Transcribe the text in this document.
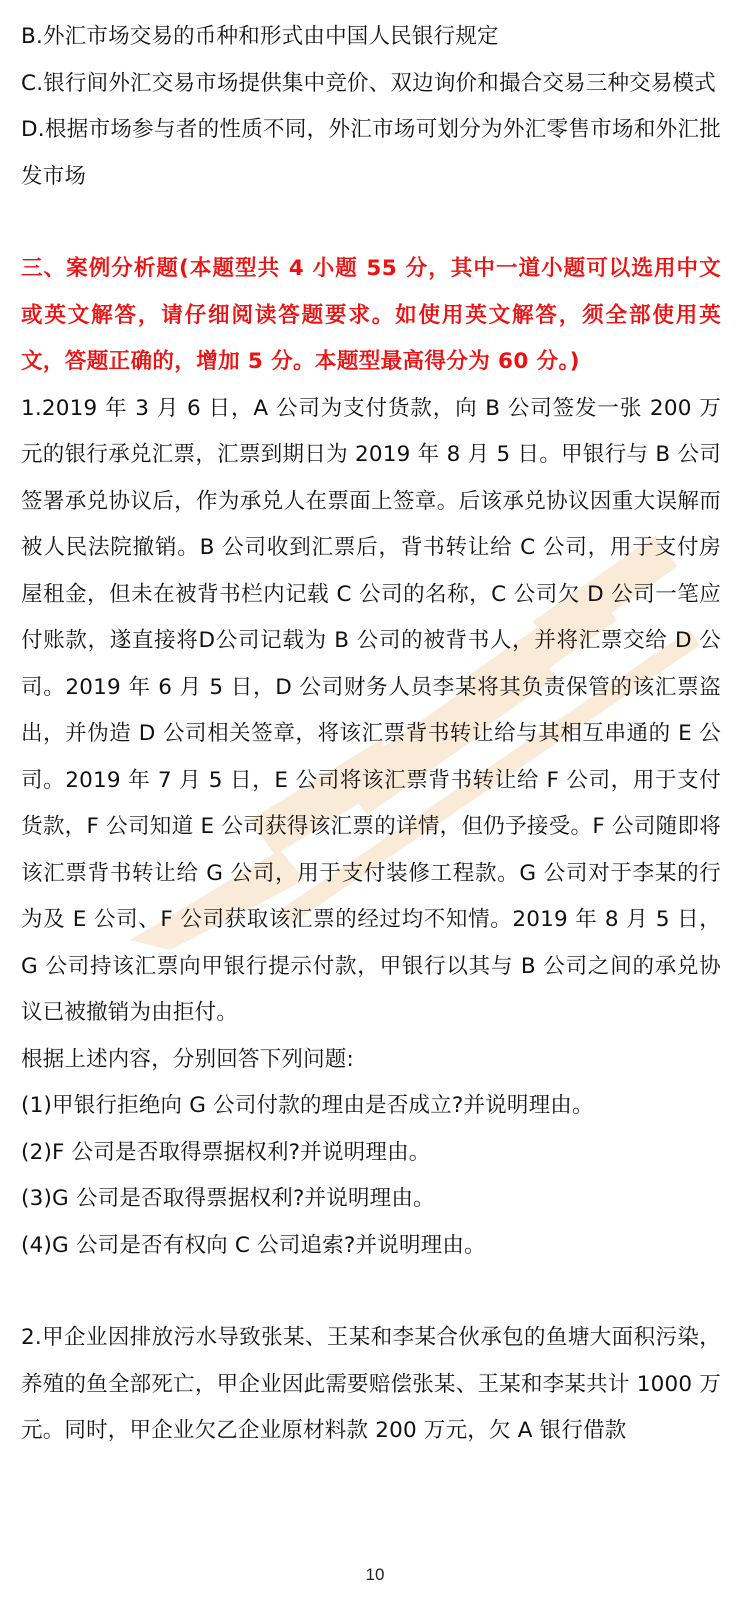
B.外汇市场交易的币种和形式由中国人民银行规定

C.银行间外汇交易市场提供集中竞价、双边询价和撮合交易三种交易模式

D.根据市场参与者的性质不同，外汇市场可划分为外汇零售市场和外汇批发市场

三、案例分析题(本题型共 4 小题 55 分，其中一道小题可以选用中文或英文解答，请仔细阅读答题要求。如使用英文解答，须全部使用英文，答题正确的，增加 5 分。本题型最高得分为 60 分。)

1.2019 年 3 月 6 日，A 公司为支付货款，向 B 公司签发一张 200 万元的银行承兑汇票，汇票到期日为 2019 年 8 月 5 日。甲银行与 B 公司签署承兑协议后，作为承兑人在票面上签章。后该承兑协议因重大误解而被人民法院撤销。B 公司收到汇票后，背书转让给 C 公司，用于支付房屋租金，但未在被背书栏内记载 C 公司的名称，C 公司欠 D 公司一笔应付账款，遂直接将D公司记载为 B 公司的被背书人，并将汇票交给 D 公司。2019 年 6 月 5 日，D 公司财务人员李某将其负责保管的该汇票盗出，并伪造 D 公司相关签章，将该汇票背书转让给与其相互串通的 E 公司。2019 年 7 月 5 日，E 公司将该汇票背书转让给 F 公司，用于支付货款，F 公司知道 E 公司获得该汇票的详情，但仍予接受。F 公司随即将该汇票背书转让给 G 公司，用于支付装修工程款。G 公司对于李某的行为及 E 公司、F 公司获取该汇票的经过均不知情。2019 年 8 月 5 日，G 公司持该汇票向甲银行提示付款，甲银行以其与 B 公司之间的承兑协议已被撤销为由拒付。

根据上述内容，分别回答下列问题:

(1)甲银行拒绝向 G 公司付款的理由是否成立?并说明理由。

(2)F 公司是否取得票据权利?并说明理由。

(3)G 公司是否取得票据权利?并说明理由。

(4)G 公司是否有权向 C 公司追索?并说明理由。

2.甲企业因排放污水导致张某、王某和李某合伙承包的鱼塘大面积污染，养殖的鱼全部死亡，甲企业因此需要赔偿张某、王某和李某共计 1000 万元。同时，甲企业欠乙企业原材料款 200 万元，欠 A 银行借款

10
